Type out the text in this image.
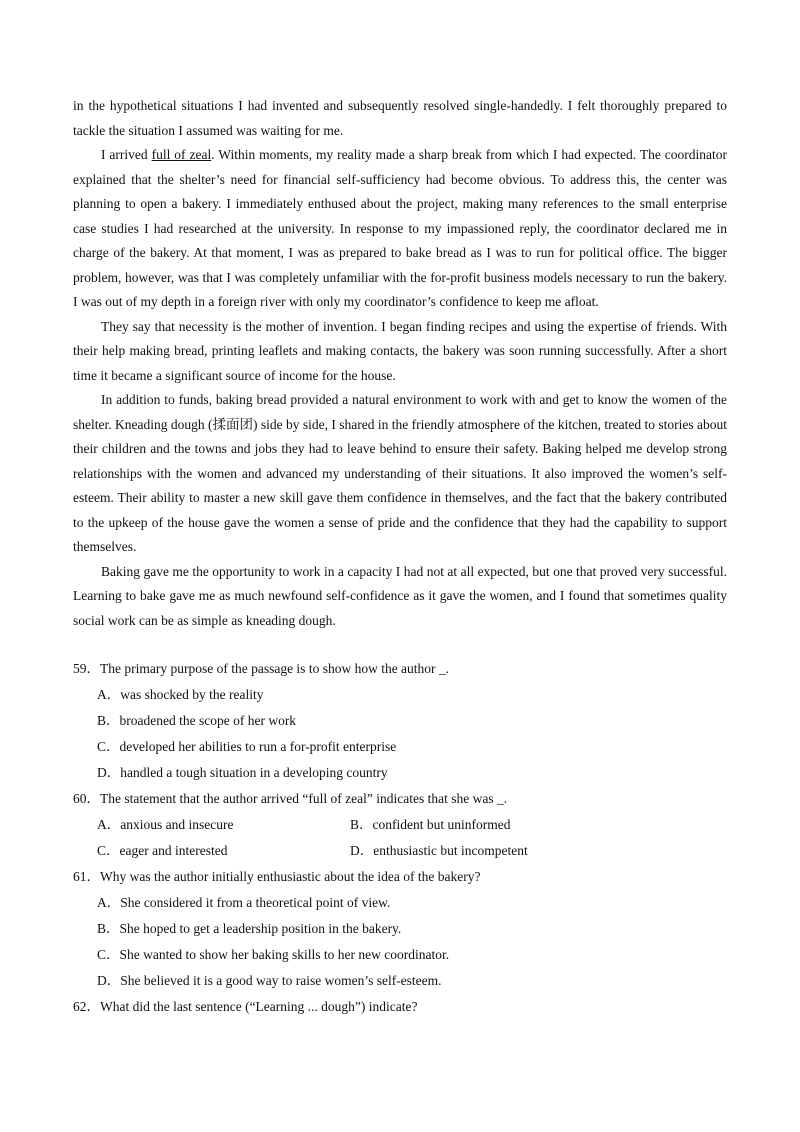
in the hypothetical situations I had invented and subsequently resolved single-handedly. I felt thoroughly prepared to tackle the situation I assumed was waiting for me.

I arrived full of zeal. Within moments, my reality made a sharp break from which I had expected. The coordinator explained that the shelter’s need for financial self-sufficiency had become obvious. To address this, the center was planning to open a bakery. I immediately enthused about the project, making many references to the small enterprise case studies I had researched at the university. In response to my impassioned reply, the coordinator declared me in charge of the bakery. At that moment, I was as prepared to bake bread as I was to run for political office. The bigger problem, however, was that I was completely unfamiliar with the for-profit business models necessary to run the bakery. I was out of my depth in a foreign river with only my coordinator’s confidence to keep me afloat.

They say that necessity is the mother of invention. I began finding recipes and using the expertise of friends. With their help making bread, printing leaflets and making contacts, the bakery was soon running successfully. After a short time it became a significant source of income for the house.

In addition to funds, baking bread provided a natural environment to work with and get to know the women of the shelter. Kneading dough (揉面团) side by side, I shared in the friendly atmosphere of the kitchen, treated to stories about their children and the towns and jobs they had to leave behind to ensure their safety. Baking helped me develop strong relationships with the women and advanced my understanding of their situations. It also improved the women’s self-esteem. Their ability to master a new skill gave them confidence in themselves, and the fact that the bakery contributed to the upkeep of the house gave the women a sense of pride and the confidence that they had the capability to support themselves.

Baking gave me the opportunity to work in a capacity I had not at all expected, but one that proved very successful. Learning to bake gave me as much newfound self-confidence as it gave the women, and I found that sometimes quality social work can be as simple as kneading dough.

59．The primary purpose of the passage is to show how the author _.
A．was shocked by the reality
B．broadened the scope of her work
C．developed her abilities to run a for-profit enterprise
D．handled a tough situation in a developing country
60．The statement that the author arrived “full of zeal” indicates that she was _.
A．anxious and insecure	B．confident but uninformed
C．eager and interested	D．enthusiastic but incompetent
61．Why was the author initially enthusiastic about the idea of the bakery?
A．She considered it from a theoretical point of view.
B．She hoped to get a leadership position in the bakery.
C．She wanted to show her baking skills to her new coordinator.
D．She believed it is a good way to raise women’s self-esteem.
62．What did the last sentence (“Learning ... dough”) indicate?
